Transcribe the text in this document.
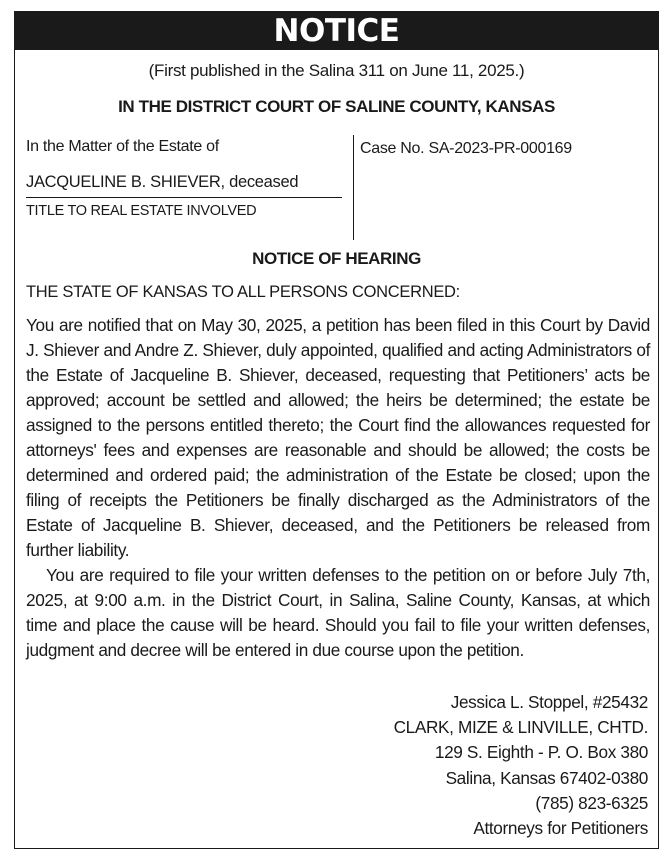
NOTICE
(First published in the Salina 311 on June 11, 2025.)
IN THE DISTRICT COURT OF SALINE COUNTY, KANSAS
In the Matter of the Estate of
JACQUELINE B. SHIEVER, deceased
TITLE TO REAL ESTATE INVOLVED
Case No. SA-2023-PR-000169
NOTICE OF HEARING
THE STATE OF KANSAS TO ALL PERSONS CONCERNED:

You are notified that on May 30, 2025, a petition has been filed in this Court by David J. Shiever and Andre Z. Shiever, duly appointed, qualified and acting Administrators of the Estate of Jacqueline B. Shiever, deceased, requesting that Petitioners’ acts be approved; account be settled and allowed; the heirs be determined; the estate be assigned to the persons entitled thereto; the Court find the allowances requested for attorneys' fees and expenses are reasonable and should be allowed; the costs be determined and ordered paid; the administration of the Estate be closed; upon the filing of receipts the Petitioners be finally discharged as the Administrators of the Estate of Jacqueline B. Shiever, deceased, and the Petitioners be released from further liability.

You are required to file your written defenses to the petition on or before July 7th, 2025, at 9:00 a.m. in the District Court, in Salina, Saline County, Kansas, at which time and place the cause will be heard. Should you fail to file your written defenses, judgment and decree will be entered in due course upon the petition.

Jessica L. Stoppel, #25432
CLARK, MIZE & LINVILLE, CHTD.
129 S. Eighth - P. O. Box 380
Salina, Kansas 67402-0380
(785) 823-6325
Attorneys for Petitioners
